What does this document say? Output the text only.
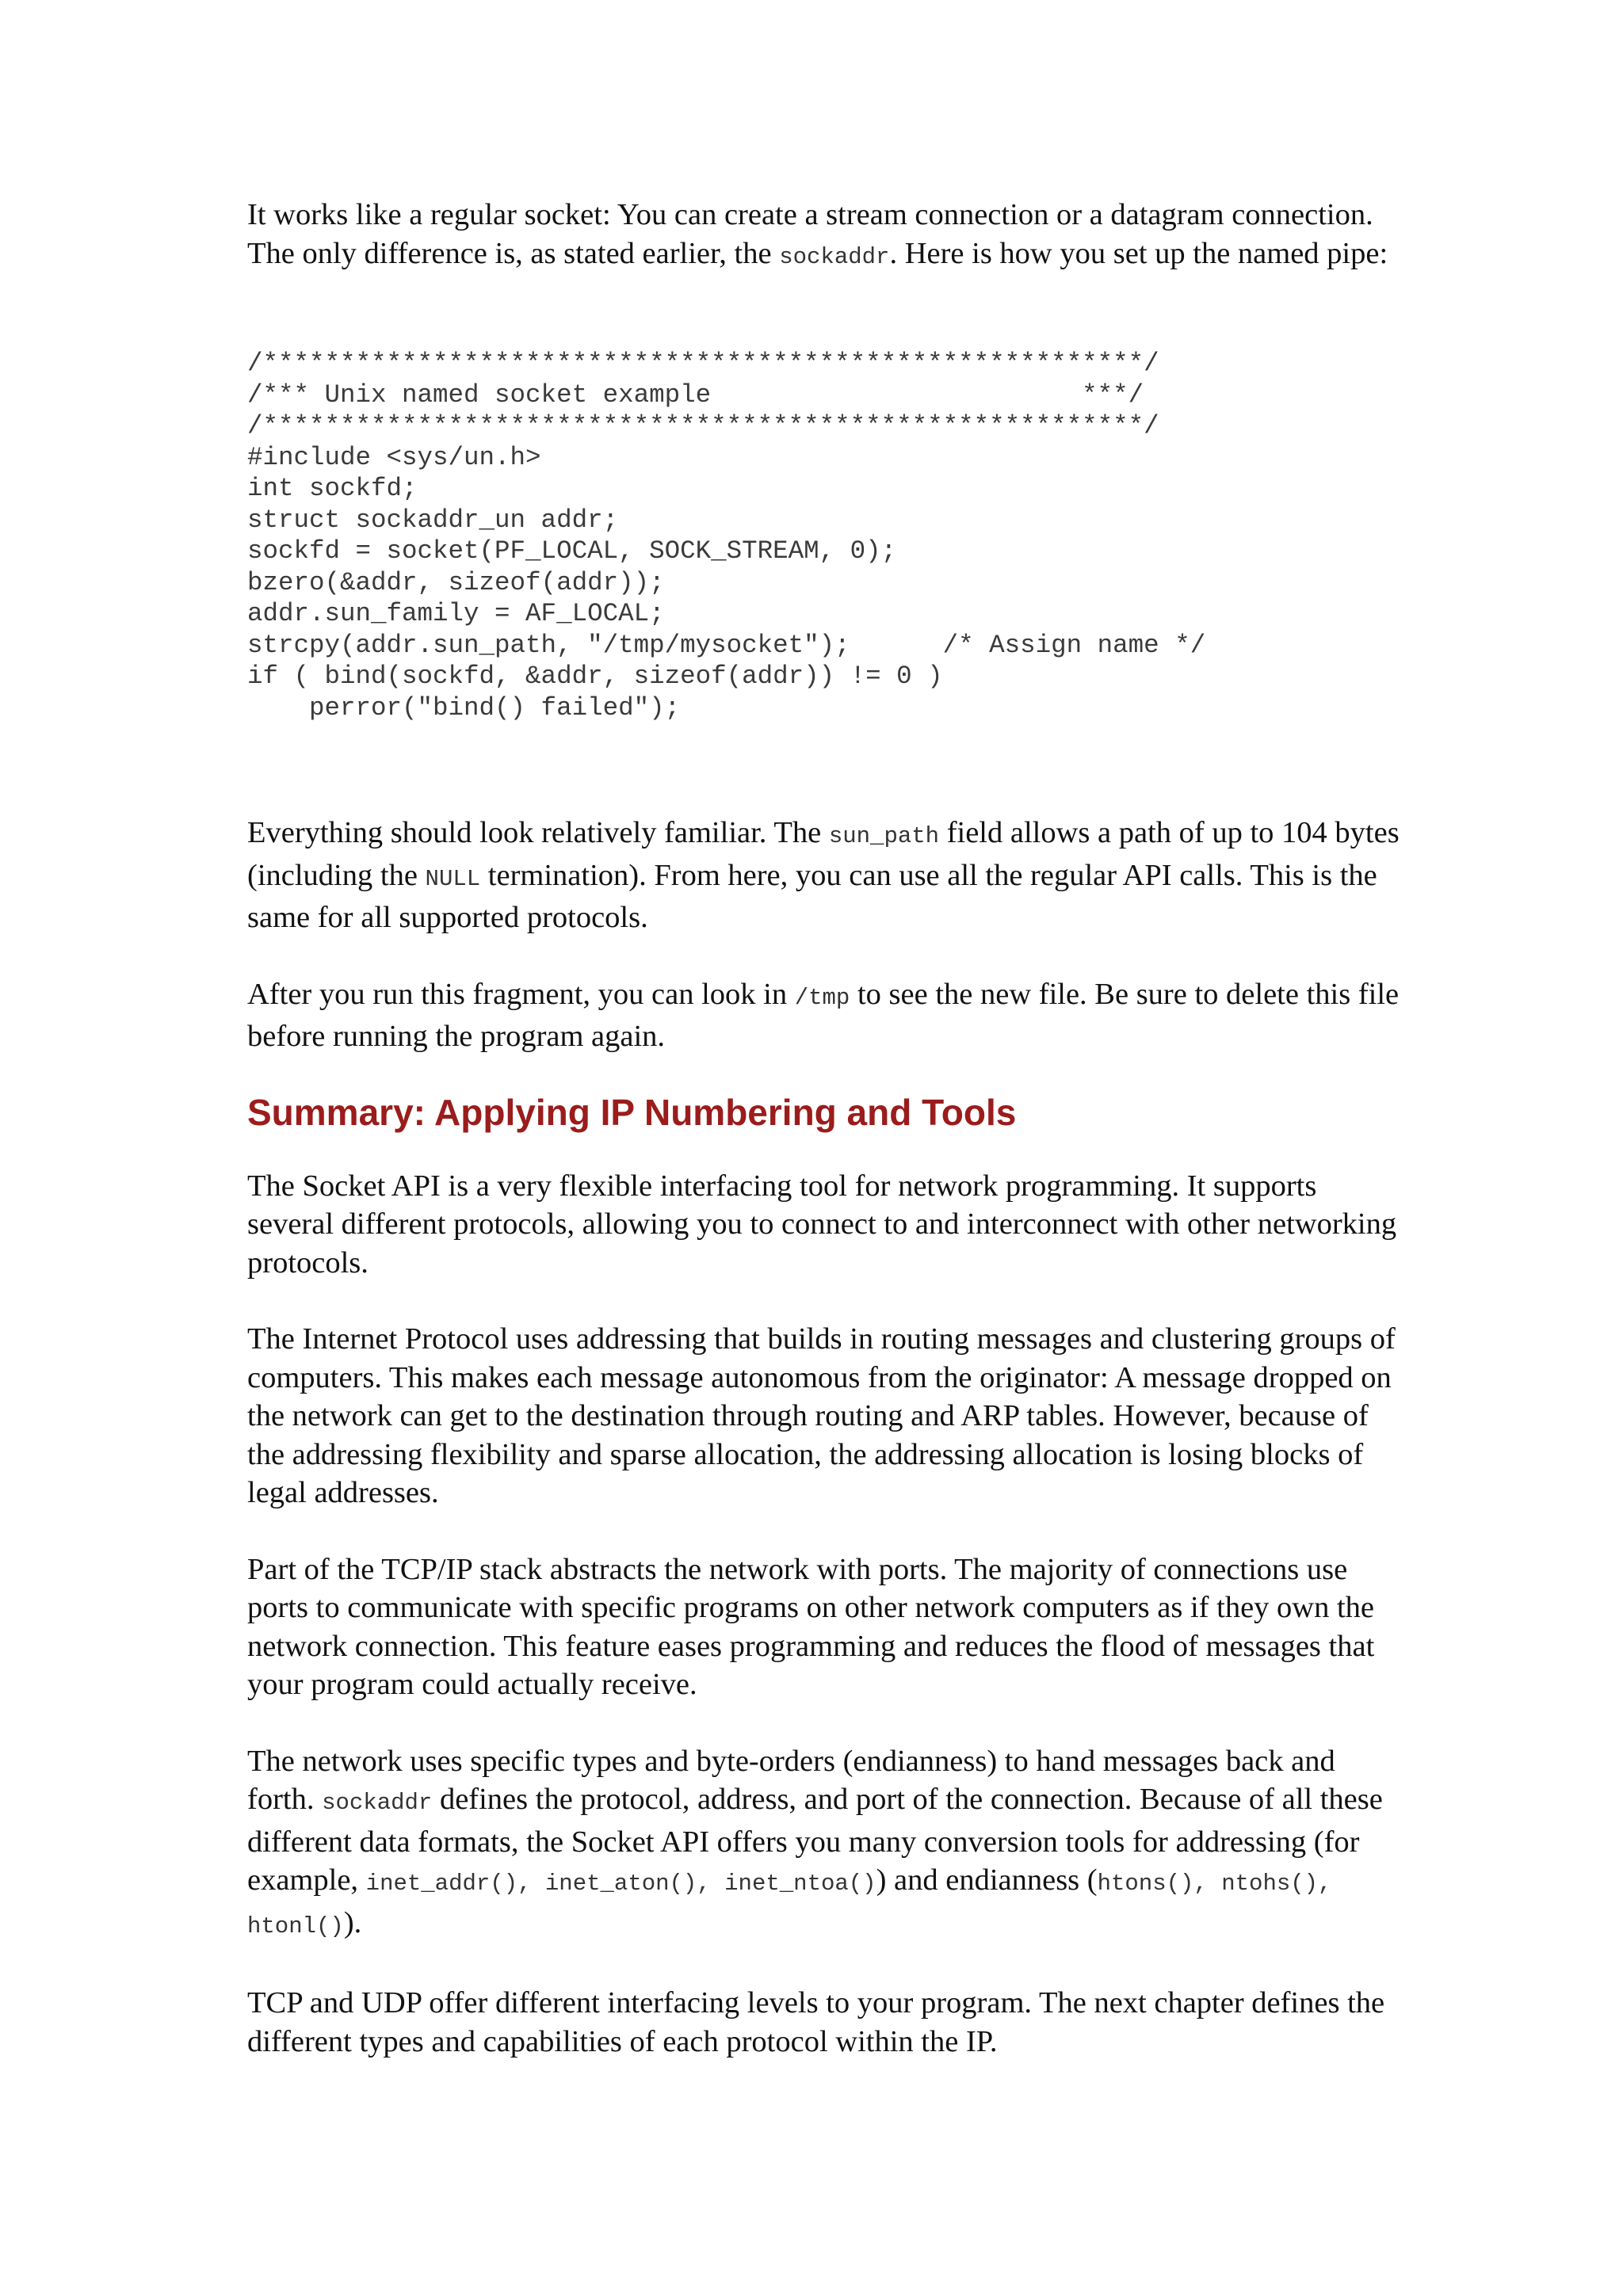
It works like a regular socket: You can create a stream connection or a datagram connection. The only difference is, as stated earlier, the sockaddr. Here is how you set up the named pipe:

/*********************************************************/
/*** Unix named socket example                        ***/
/*********************************************************/
#include <sys/un.h>
int sockfd;
struct sockaddr_un addr;
sockfd = socket(PF_LOCAL, SOCK_STREAM, 0);
bzero(&addr, sizeof(addr));
addr.sun_family = AF_LOCAL;
strcpy(addr.sun_path, "/tmp/mysocket");      /* Assign name */
if ( bind(sockfd, &addr, sizeof(addr)) != 0 )
perror("bind() failed");

Everything should look relatively familiar. The sun_path field allows a path of up to 104 bytes (including the NULL termination). From here, you can use all the regular API calls. This is the same for all supported protocols.

After you run this fragment, you can look in /tmp to see the new file. Be sure to delete this file before running the program again.

Summary: Applying IP Numbering and Tools

The Socket API is a very flexible interfacing tool for network programming. It supports several different protocols, allowing you to connect to and interconnect with other networking protocols.

The Internet Protocol uses addressing that builds in routing messages and clustering groups of computers. This makes each message autonomous from the originator: A message dropped on the network can get to the destination through routing and ARP tables. However, because of the addressing flexibility and sparse allocation, the addressing allocation is losing blocks of legal addresses.

Part of the TCP/IP stack abstracts the network with ports. The majority of connections use ports to communicate with specific programs on other network computers as if they own the network connection. This feature eases programming and reduces the flood of messages that your program could actually receive.

The network uses specific types and byte-orders (endianness) to hand messages back and forth. sockaddr defines the protocol, address, and port of the connection. Because of all these different data formats, the Socket API offers you many conversion tools for addressing (for example, inet_addr(), inet_aton(), inet_ntoa()) and endianness (htons(), ntohs(), htonl()).

TCP and UDP offer different interfacing levels to your program. The next chapter defines the different types and capabilities of each protocol within the IP.
